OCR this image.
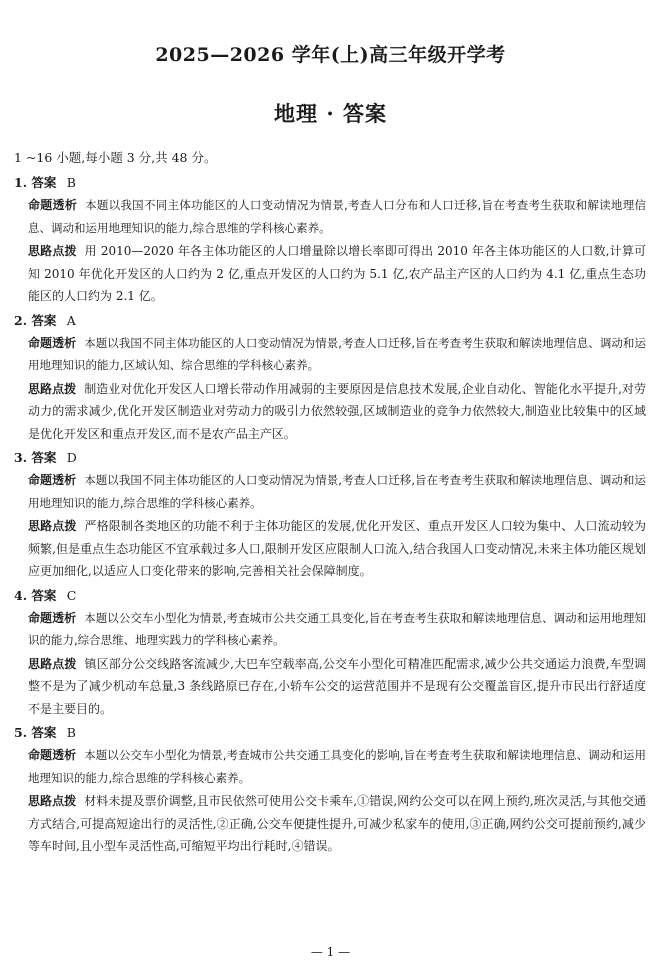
2025—2026 学年(上)高三年级开学考
地理 · 答案
1 ~16 小题,每小题 3 分,共 48 分。
1. 答案 B
命题透析 本题以我国不同主体功能区的人口变动情况为情景,考查人口分布和人口迁移,旨在考查考生获取和解读地理信息、调动和运用地理知识的能力,综合思维的学科核心素养。
思路点拨 用 2010—2020 年各主体功能区的人口增量除以增长率即可得出 2010 年各主体功能区的人口数,计算可知 2010 年优化开发区的人口约为 2 亿,重点开发区的人口约为 5.1 亿,农产品主产区的人口约为 4.1 亿,重点生态功能区的人口约为 2.1 亿。
2. 答案 A
命题透析 本题以我国不同主体功能区的人口变动情况为情景,考查人口迁移,旨在考查考生获取和解读地理信息、调动和运用地理知识的能力,区域认知、综合思维的学科核心素养。
思路点拨 制造业对优化开发区人口增长带动作用减弱的主要原因是信息技术发展,企业自动化、智能化水平提升,对劳动力的需求减少,优化开发区制造业对劳动力的吸引力依然较强,区域制造业的竞争力依然较大,制造业比较集中的区域是优化开发区和重点开发区,而不是农产品主产区。
3. 答案 D
命题透析 本题以我国不同主体功能区的人口变动情况为情景,考查人口迁移,旨在考查考生获取和解读地理信息、调动和运用地理知识的能力,综合思维的学科核心素养。
思路点拨 严格限制各类地区的功能不利于主体功能区的发展,优化开发区、重点开发区人口较为集中、人口流动较为频繁,但是重点生态功能区不宜承载过多人口,限制开发区应限制人口流入,结合我国人口变动情况,未来主体功能区规划应更加细化,以适应人口变化带来的影响,完善相关社会保障制度。
4. 答案 C
命题透析 本题以公交车小型化为情景,考查城市公共交通工具变化,旨在考查考生获取和解读地理信息、调动和运用地理知识的能力,综合思维、地理实践力的学科核心素养。
思路点拨 镇区部分公交线路客流减少,大巴车空载率高,公交车小型化可精准匹配需求,减少公共交通运力浪费,车型调整不是为了减少机动车总量,3 条线路原已存在,小轿车公交的运营范围并不是现有公交覆盖盲区,提升市民出行舒适度不是主要目的。
5. 答案 B
命题透析 本题以公交车小型化为情景,考查城市公共交通工具变化的影响,旨在考查考生获取和解读地理信息、调动和运用地理知识的能力,综合思维的学科核心素养。
思路点拨 材料未提及票价调整,且市民依然可使用公交卡乘车,①错误,网约公交可以在网上预约,班次灵活,与其他交通方式结合,可提高短途出行的灵活性,②正确,公交车便捷性提升,可减少私家车的使用,③正确,网约公交可提前预约,减少等车时间,且小型车灵活性高,可缩短平均出行耗时,④错误。
— 1 —
